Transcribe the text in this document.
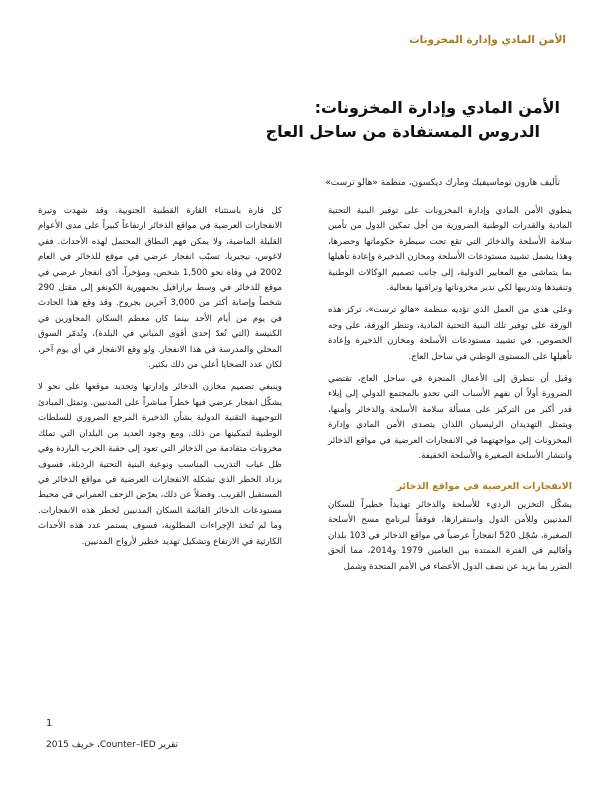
الأمن المادي وإدارة المخزونات
الأمن المادي وإدارة المخزونات:
الدروس المستفادة من ساحل العاج
تأليف هارون توماسيفيك ومارك ديكسون، منظمة «هالو ترست»

ينطوي الأمن المادي وإدارة المخزونات على توفير البنية التحتية المادية والقدرات الوطنية الضرورية من أجل تمكين الدول من تأمين سلامة الأسلحة والذخائر التي تقع تحت سيطرة حكوماتها وحصرها، وهذا يشمل تشييد مستودعات الأسلحة ومخازن الذخيرة وإعادة تأهيلها بما يتماشى مع المعايير الدولية، إلى جانب تصميم الوكالات الوطنية وتنفيذها وتدريبها لكي تدير مخزوناتها وتراقبها بفعالية.

وعلى هدي من العمل الذي تؤديه منظمة «هالو ترست»، تركز هذه الورقة على توفير تلك البنية التحتية المادية، وتنظر الورقة، على وجه الخصوص، في تشييد مستودعات الأسلحة ومخازن الذخيرة وإعادة تأهيلها على المستوى الوطني في ساحل العاج.

وقبل أن نتطرق إلى الأعمال المنجزة في ساحل العاج، تقتضي الضرورة أولاً أن نفهم الأسباب التي تحدو بالمجتمع الدولي إلى إيلاء قدر أكبر من التركيز على مسألة سلامة الأسلحة والذخائر وأمنها، ويتمثل التهديدان الرئيسيان اللذان يتصدى الأمن المادي وإدارة المخزونات إلى مواجهتهما في الانفجارات العرضية في مواقع الذخائر وانتشار الأسلحة الصغيرة والأسلحة الخفيفة.

الانفجارات العرضية في مواقع الذخائر

يشكّل التخزين الرديء للأسلحة والذخائر تهديداً خطيراً للسكان المدنيين وللأمن الدول واستقرارها، فوفقاً لبرنامج مسح الأسلحة الصغيرة، سُجّل 520 انفجاراً عرضياً في مواقع الذخائر في 103 بلدان وأقاليم في الفترة الممتدة بين العامين 1979 و2014، مما ألحق الضرر بما يزيد عن نصف الدول الأعضاء في الأمم المتحدة وشمل

كل قارة باستثناء القارة القطبية الجنوبية. وقد شهدت وتيرة الانفجارات العرضية في مواقع الذخائر ارتفاعاً كبيراً على مدى الأعوام القليلة الماضية، ولا يمكن فهم النطاق المحتمل لهذه الأحداث. ففي لاغوس، نيجيريا، تسبّب انفجار عرضي في موقع للذخائر في العام 2002 في وفاة نحو 1,500 شخص، ومؤخراً، أدّى انفجار عرضي في موقع للذخائر في وسط برازافيل بجمهورية الكونغو إلى مقتل 290 شخصاً وإصابة أكثر من 3,000 آخرين بجروح. وقد وقع هذا الحادث في يوم من أيام الأحد بينما كان معظم السكان المجاورين في الكنيسة (التي تُعدّ إحدى أقوى المباني في البلدة)، وتُدمّر السوق المحلي والمدرسة في هذا الانفجار. ولو وقع الانفجار في أي يوم آخر، لكان عدد الضحايا أعلى من ذلك بكثير.

وينبغي تصميم مخازن الذخائر وإدارتها وتحديد موقعها على نحو لا يشكّل انفجار عرضي فيها خطراً مباشراً على المدنيين. وتمثل المبادئ التوجيهية التقنية الدولية بشأن الذخيرة المرجع الضروري للسلطات الوطنية لتمكينها من ذلك. ومع وجود العديد من البلدان التي تملك مخزونات متقادمة من الذخائر التي تعود إلى حقبة الحرب الباردة وفي ظل غياب التدريب المناسب ونوعية البنية التحتية الرديئة، فسوف يزداد الخطر الذي تشكله الانفجارات العرضية في مواقع الذخائر في المستقبل القريب. وفضلاً عن ذلك، يعرّض الزحف العمراني في محيط مستودعات الذخائر القائمة السكان المدنيين لخطر هذه الانفجارات. وما لم تُتخذ الإجراءات المطلوبة، فسوف يستمر عدد هذه الأحداث الكارثية في الارتفاع وتشكيل تهديد خطير لأرواح المدنيين.

1
تقرير Counter–IED، خريف 2015
